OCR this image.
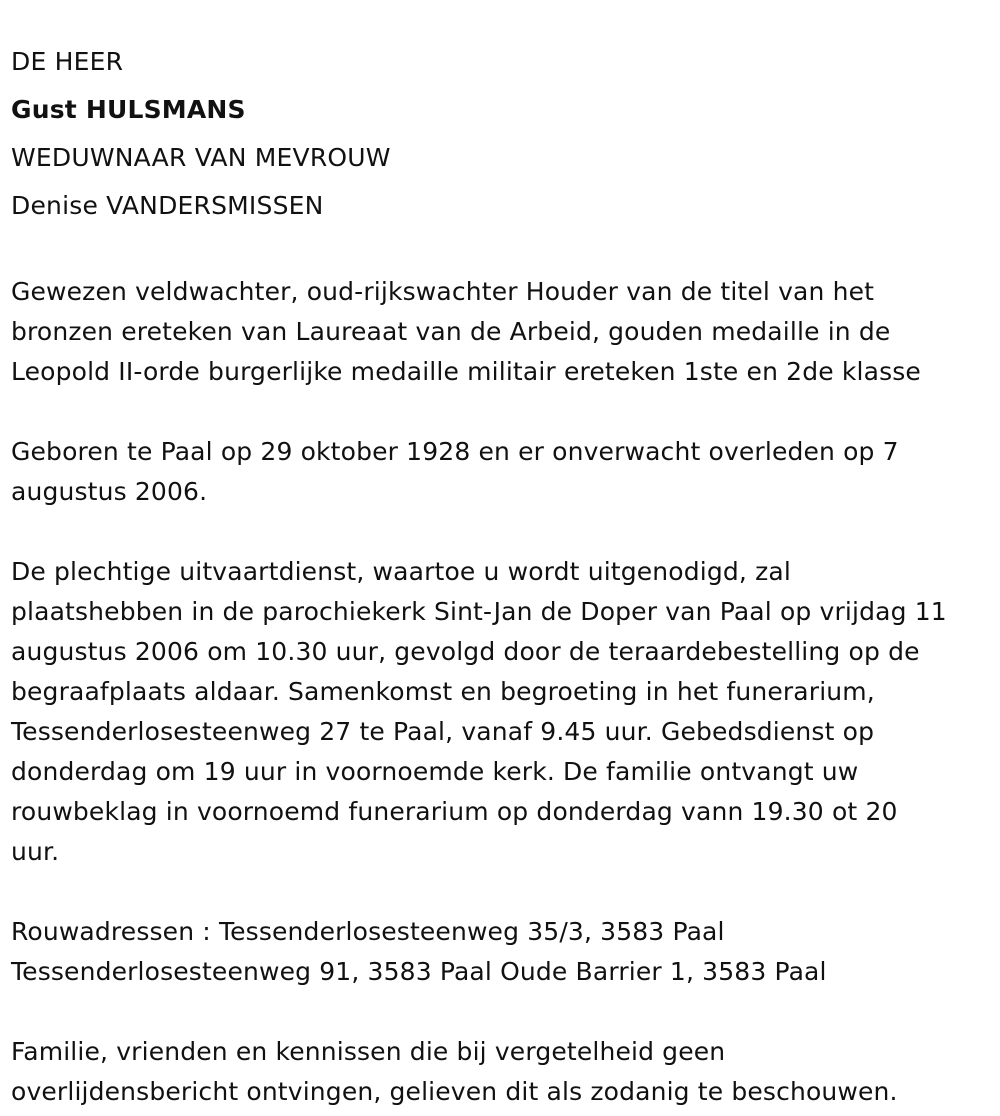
DE HEER
Gust HULSMANS
WEDUWNAAR VAN MEVROUW
Denise VANDERSMISSEN

Gewezen veldwachter, oud-rijkswachter Houder van de titel van het
bronzen ereteken van Laureaat van de Arbeid, gouden medaille in de
Leopold II-orde burgerlijke medaille militair ereteken 1ste en 2de klasse

Geboren te Paal op 29 oktober 1928 en er onverwacht overleden op 7
augustus 2006.

De plechtige uitvaartdienst, waartoe u wordt uitgenodigd, zal
plaatshebben in de parochiekerk Sint-Jan de Doper van Paal op vrijdag 11
augustus 2006 om 10.30 uur, gevolgd door de teraardebestelling op de
begraafplaats aldaar. Samenkomst en begroeting in het funerarium,
Tessenderlosesteenweg 27 te Paal, vanaf 9.45 uur. Gebedsdienst op
donderdag om 19 uur in voornoemde kerk. De familie ontvangt uw
rouwbeklag in voornoemd funerarium op donderdag vann 19.30 ot 20
uur.

Rouwadressen : Tessenderlosesteenweg 35/3, 3583 Paal
Tessenderlosesteenweg 91, 3583 Paal Oude Barrier 1, 3583 Paal

Familie, vrienden en kennissen die bij vergetelheid geen
overlijdensbericht ontvingen, gelieven dit als zodanig te beschouwen.
